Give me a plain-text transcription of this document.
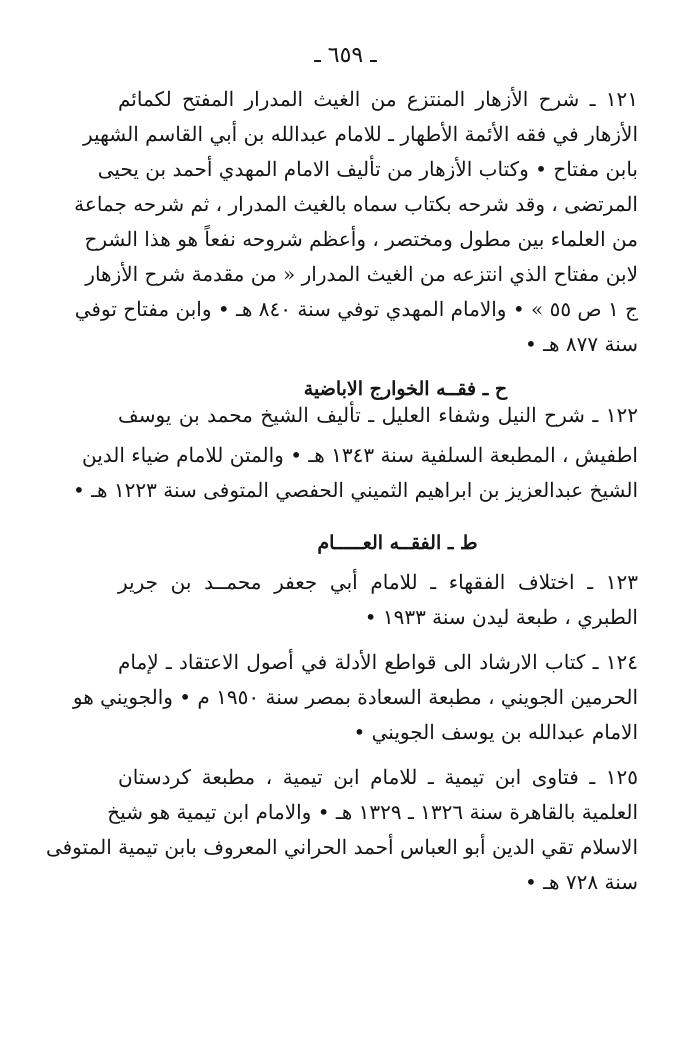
ـ ٦٥٩ ـ
١٢١ ـ شرح الأزهار المنتزع من الغيث المدرار المفتح لكمائم
الأزهار في فقه الأئمة الأطهار ـ للامام عبدالله بن أبي القاسم الشهير
بابن مفتاح • وكتاب الأزهار من تأليف الامام المهدي أحمد بن يحيى
المرتضى ، وقد شرحه بكتاب سماه بالغيث المدرار ، ثم شرحه جماعة
من العلماء بين مطول ومختصر ، وأعظم شروحه نفعاً هو هذا الشرح
لابن مفتاح الذي انتزعه من الغيث المدرار « من مقدمة شرح الأزهار
ج ١ ص ٥٥ » • والامام المهدي توفي سنة ٨٤٠ هـ • وابن مفتاح توفي
سنة ٨٧٧ هـ •
ح ـ فقــه الخوارج الاباضية
١٢٢ ـ شرح النيل وشفاء العليل ـ تأليف الشيخ محمد بن يوسف
اطفيش ، المطبعة السلفية سنة ١٣٤٣ هـ • والمتن للامام ضياء الدين
الشيخ عبدالعزيز بن ابراهيم الثميني الحفصي المتوفى سنة ١٢٢٣ هـ •
ط ـ الفقــه العـــــام
١٢٣ ـ اختلاف الفقهاء ـ للامام أبي جعفر محمــد بن جرير
الطبري ، طبعة ليدن سنة ١٩٣٣ •
١٢٤ ـ كتاب الارشاد الى قواطع الأدلة في أصول الاعتقاد ـ لإمام
الحرمين الجويني ، مطبعة السعادة بمصر سنة ١٩٥٠ م • والجويني هو
الامام عبدالله بن يوسف الجويني •
١٢٥ ـ فتاوى ابن تيمية ـ للامام ابن تيمية ، مطبعة كردستان
العلمية بالقاهرة سنة ١٣٢٦ ـ ١٣٢٩ هـ • والامام ابن تيمية هو شيخ
الاسلام تقي الدين أبو العباس أحمد الحراني المعروف بابن تيمية المتوفى
سنة ٧٢٨ هـ •
